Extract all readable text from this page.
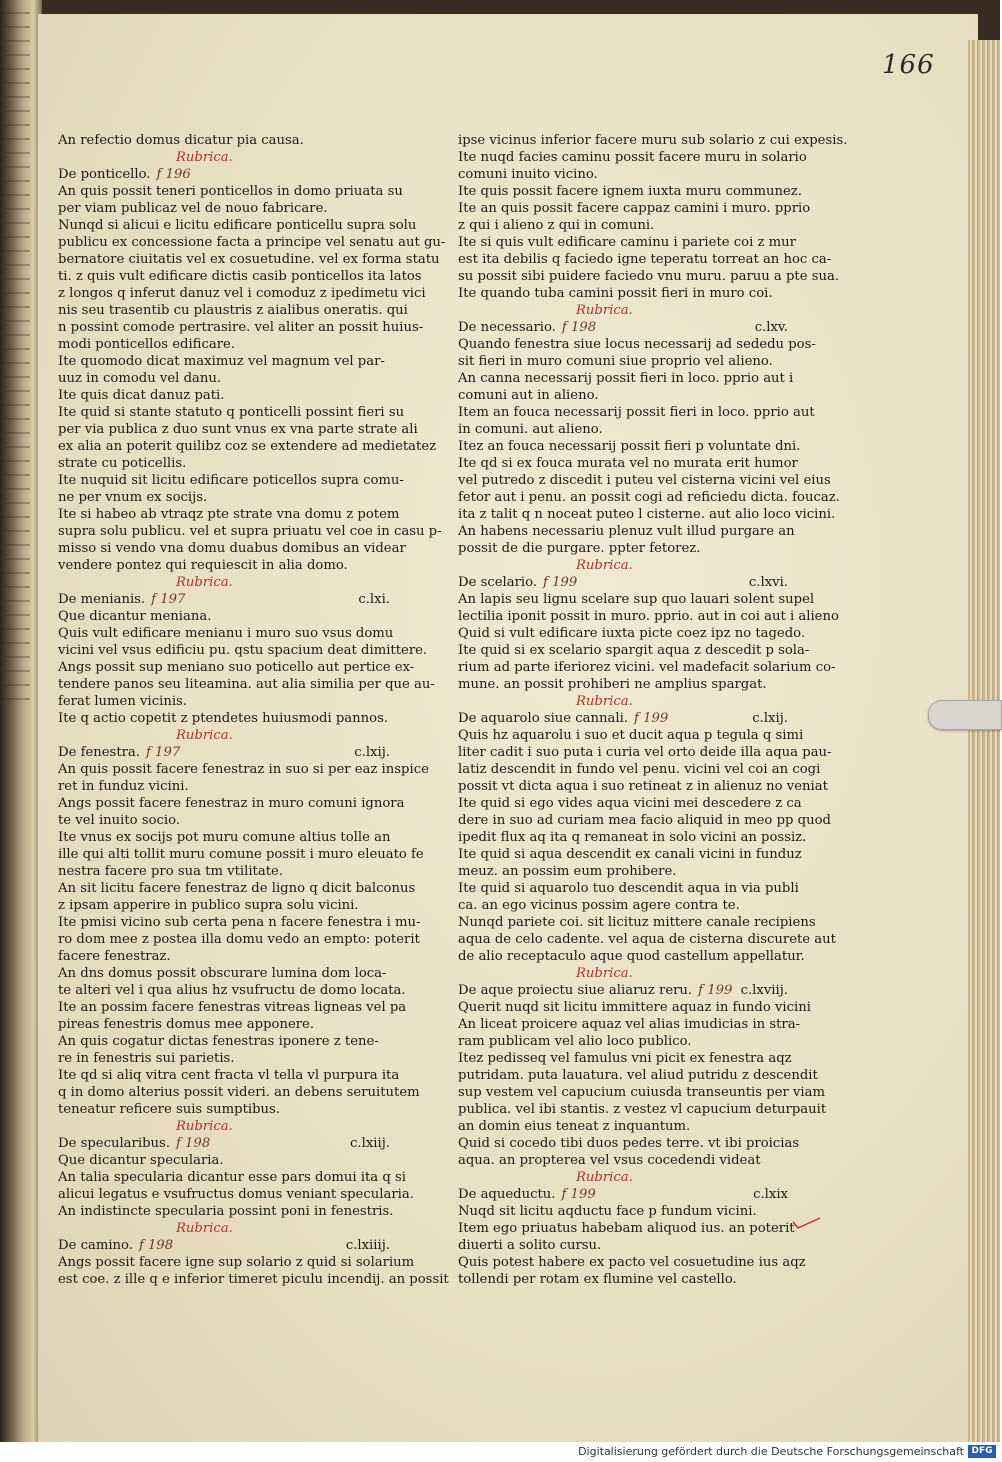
166
An refectio domus dicatur pia causa.
Rubrica.
De ponticello. f 196
An quis possit teneri ponticellos in domo priuata su
per viam publicaz vel de nouo fabricare.
Nunqd si alicui e licitu edificare ponticellu supra solu
publicu ex concessione facta a principe vel senatu aut gu-
bernatore ciuitatis vel ex cosuetudine. vel ex forma statu
ti. z quis vult edificare dictis casib ponticellos ita latos
z longos q inferut danuz vel i comoduz z ipedimetu vici
nis seu trasentib cu plaustris z aialibus oneratis. qui
n possint comode pertrasire. vel aliter an possit huius-
modi ponticellos edificare.
Ite quomodo dicat maximuz vel magnum vel par-
uuz in comodu vel danu.
Ite quis dicat danuz pati.
Ite quid si stante statuto q ponticelli possint fieri su
per via publica z duo sunt vnus ex vna parte strate ali
ex alia an poterit quilibz coz se extendere ad medietatez
strate cu poticellis.
Ite nuquid sit licitu edificare poticellos supra comu-
ne per vnum ex socijs.
Ite si habeo ab vtraqz pte strate vna domu z potem
supra solu publicu. vel et supra priuatu vel coe in casu p-
misso si vendo vna domu duabus domibus an videar
vendere pontez qui requiescit in alia domo.
Rubrica.
c.lxi.
De menianis. f 197
Que dicantur meniana.
Quis vult edificare menianu i muro suo vsus domu
vicini vel vsus edificiu pu. qstu spacium deat dimittere.
Angs possit sup meniano suo poticello aut pertice ex-
tendere panos seu liteamina. aut alia similia per que au-
ferat lumen vicinis.
Ite q actio copetit z ptendetes huiusmodi pannos.
Rubrica.
c.lxij.
De fenestra. f 197
An quis possit facere fenestraz in suo si per eaz inspice
ret in funduz vicini.
Angs possit facere fenestraz in muro comuni ignora
te vel inuito socio.
Ite vnus ex socijs pot muru comune altius tolle an
ille qui alti tollit muru comune possit i muro eleuato fe
nestra facere pro sua tm vtilitate.
An sit licitu facere fenestraz de ligno q dicit balconus
z ipsam apperire in publico supra solu vicini.
Ite pmisi vicino sub certa pena n facere fenestra i mu-
ro dom mee z postea illa domu vedo an empto: poterit
facere fenestraz.
An dns domus possit obscurare lumina dom loca-
te alteri vel i qua alius hz vsufructu de domo locata.
Ite an possim facere fenestras vitreas ligneas vel pa
pireas fenestris domus mee apponere.
An quis cogatur dictas fenestras iponere z tene-
re in fenestris sui parietis.
Ite qd si aliq vitra cent fracta vl tella vl purpura ita
q in domo alterius possit videri. an debens seruitutem
teneatur reficere suis sumptibus.
Rubrica.
c.lxiij.
De specularibus. f 198
Que dicantur specularia.
An talia specularia dicantur esse pars domui ita q si
alicui legatus e vsufructus domus veniant specularia.
An indistincte specularia possint poni in fenestris.
Rubrica.
c.lxiiij.
De camino. f 198
Angs possit facere igne sup solario z quid si solarium
est coe. z ille q e inferior timeret piculu incendij. an possit
ipse vicinus inferior facere muru sub solario z cui expesis.
Ite nuqd facies caminu possit facere muru in solario
comuni inuito vicino.
Ite quis possit facere ignem iuxta muru communez.
Ite an quis possit facere cappaz camini i muro. pprio
z qui i alieno z qui in comuni.
Ite si quis vult edificare caminu i pariete coi z mur
est ita debilis q faciedo igne teperatu torreat an hoc ca-
su possit sibi puidere faciedo vnu muru. paruu a pte sua.
Ite quando tuba camini possit fieri in muro coi.
Rubrica.
c.lxv.
De necessario. f 198
Quando fenestra siue locus necessarij ad sededu pos-
sit fieri in muro comuni siue proprio vel alieno.
An canna necessarij possit fieri in loco. pprio aut i
comuni aut in alieno.
Item an fouca necessarij possit fieri in loco. pprio aut
in comuni. aut alieno.
Itez an fouca necessarij possit fieri p voluntate dni.
Ite qd si ex fouca murata vel no murata erit humor
vel putredo z discedit i puteu vel cisterna vicini vel eius
fetor aut i penu. an possit cogi ad reficiedu dicta. foucaz.
ita z talit q n noceat puteo l cisterne. aut alio loco vicini.
An habens necessariu plenuz vult illud purgare an
possit de die purgare. ppter fetorez.
Rubrica.
c.lxvi.
De scelario. f 199
An lapis seu lignu scelare sup quo lauari solent supel
lectilia iponit possit in muro. pprio. aut in coi aut i alieno
Quid si vult edificare iuxta picte coez ipz no tagedo.
Ite quid si ex scelario spargit aqua z descedit p sola-
rium ad parte iferiorez vicini. vel madefacit solarium co-
mune. an possit prohiberi ne amplius spargat.
Rubrica.
c.lxij.
De aquarolo siue cannali. f 199
Quis hz aquarolu i suo et ducit aqua p tegula q simi
liter cadit i suo puta i curia vel orto deide illa aqua pau-
latiz descendit in fundo vel penu. vicini vel coi an cogi
possit vt dicta aqua i suo retineat z in alienuz no veniat
Ite quid si ego vides aqua vicini mei descedere z ca
dere in suo ad curiam mea facio aliquid in meo pp quod
ipedit flux aq ita q remaneat in solo vicini an possiz.
Ite quid si aqua descendit ex canali vicini in funduz
meuz. an possim eum prohibere.
Ite quid si aquarolo tuo descendit aqua in via publi
ca. an ego vicinus possim agere contra te.
Nunqd pariete coi. sit licituz mittere canale recipiens
aqua de celo cadente. vel aqua de cisterna discurete aut
de alio receptaculo aque quod castellum appellatur.
Rubrica.
c.lxviij.
De aque proiectu siue aliaruz reru. f 199
Querit nuqd sit licitu immittere aquaz in fundo vicini
An liceat proicere aquaz vel alias imudicias in stra-
ram publicam vel alio loco publico.
Itez pedisseq vel famulus vni picit ex fenestra aqz
putridam. puta lauatura. vel aliud putridu z descendit
sup vestem vel capucium cuiusda transeuntis per viam
publica. vel ibi stantis. z vestez vl capucium deturpauit
an domin eius teneat z inquantum.
Quid si cocedo tibi duos pedes terre. vt ibi proicias
aqua. an propterea vel vsus cocedendi videat
Rubrica.
c.lxix
De aqueductu. f 199
Nuqd sit licitu aqductu face p fundum vicini.
Item ego priuatus habebam aliquod ius. an poterit
diuerti a solito cursu.
Quis potest habere ex pacto vel cosuetudine ius aqz
tollendi per rotam ex flumine vel castello.
Digitalisierung gefördert durch die Deutsche Forschungsgemeinschaft DFG
